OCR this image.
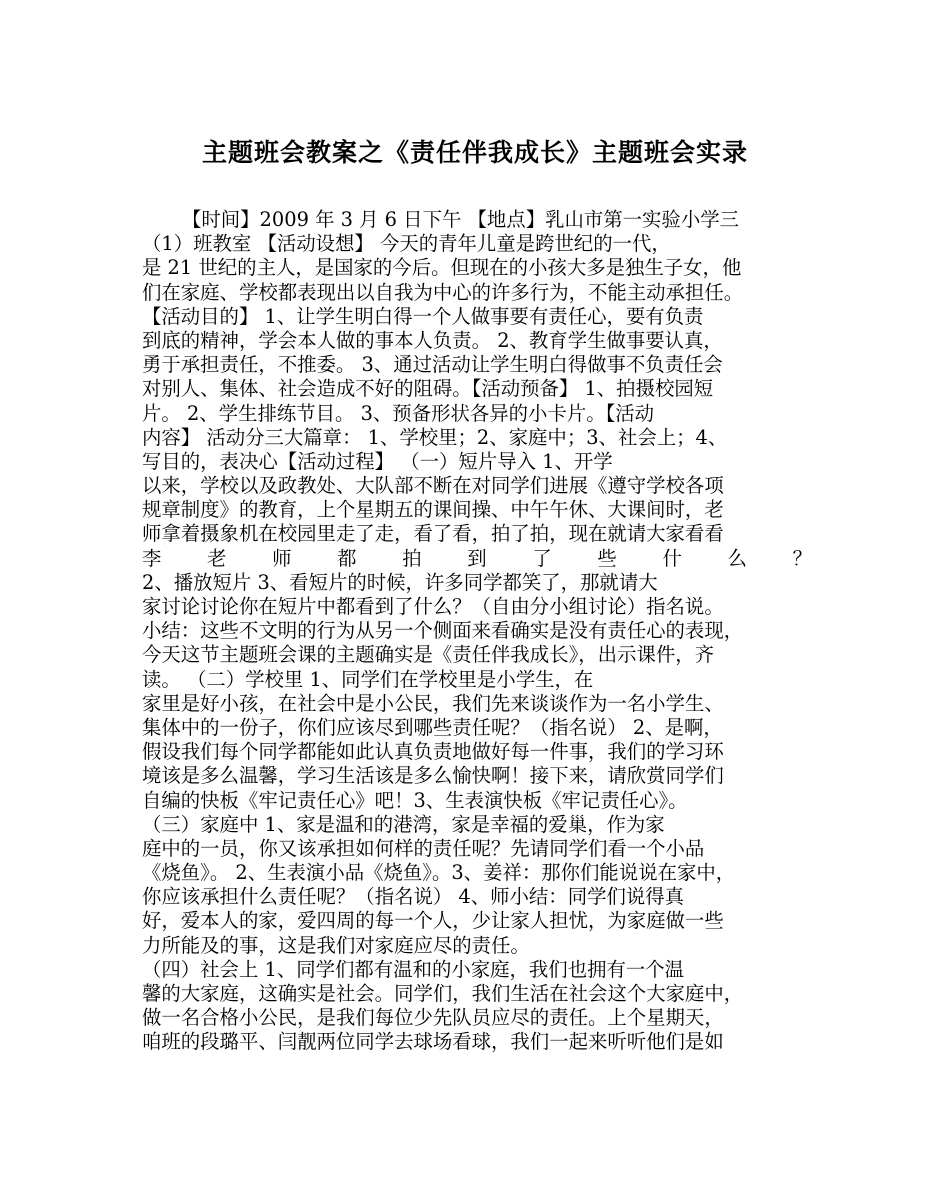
主题班会教案之《责任伴我成长》主题班会实录
【时间】2009 年 3 月 6 日下午 【地点】乳山市第一实验小学三
（1）班教室 【活动设想】 今天的青年儿童是跨世纪的一代，
是 21 世纪的主人，是国家的今后。但现在的小孩大多是独生子女，他
们在家庭、学校都表现出以自我为中心的许多行为，不能主动承担任。
【活动目的】 1、让学生明白得一个人做事要有责任心，要有负责
到底的精神，学会本人做的事本人负责。 2、教育学生做事要认真，
勇于承担责任，不推委。 3、通过活动让学生明白得做事不负责任会
对别人、集体、社会造成不好的阻碍。【活动预备】 1、拍摄校园短
片。 2、学生排练节目。 3、预备形状各异的小卡片。【活动
内容】 活动分三大篇章： 1、学校里；2、家庭中；3、社会上；4、
写目的，表决心【活动过程】 （一）短片导入 1、开学
以来，学校以及政教处、大队部不断在对同学们进展《遵守学校各项
规章制度》的教育，上个星期五的课间操、中午午休、大课间时，老
师拿着摄象机在校园里走了走，看了看，拍了拍，现在就请大家看看
李 老 师 都 拍 到 了 些 什 么 ？
2、播放短片 3、看短片的时候，许多同学都笑了，那就请大
家讨论讨论你在短片中都看到了什么？（自由分小组讨论）指名说。
小结：这些不文明的行为从另一个侧面来看确实是没有责任心的表现，
今天这节主题班会课的主题确实是《责任伴我成长》，出示课件，齐
读。 （二）学校里 1、同学们在学校里是小学生，在
家里是好小孩，在社会中是小公民，我们先来谈谈作为一名小学生、
集体中的一份子，你们应该尽到哪些责任呢？（指名说） 2、是啊，
假设我们每个同学都能如此认真负责地做好每一件事，我们的学习环
境该是多么温馨，学习生活该是多么愉快啊！接下来，请欣赏同学们
自编的快板《牢记责任心》吧！3、生表演快板《牢记责任心》。
（三）家庭中 1、家是温和的港湾，家是幸福的爱巢，作为家
庭中的一员，你又该承担如何样的责任呢？先请同学们看一个小品
《烧鱼》。 2、生表演小品《烧鱼》。3、姜祥：那你们能说说在家中，
你应该承担什么责任呢？（指名说） 4、师小结：同学们说得真
好，爱本人的家，爱四周的每一个人，少让家人担忧，为家庭做一些
力所能及的事，这是我们对家庭应尽的责任。
（四）社会上 1、同学们都有温和的小家庭，我们也拥有一个温
馨的大家庭，这确实是社会。同学们，我们生活在社会这个大家庭中，
做一名合格小公民，是我们每位少先队员应尽的责任。上个星期天，
咱班的段璐平、闫靓两位同学去球场看球，我们一起来听听他们是如
